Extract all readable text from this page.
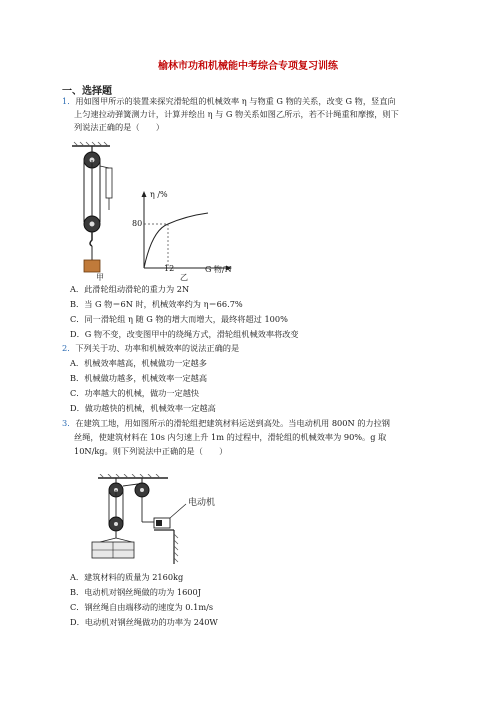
榆林市功和机械能中考综合专项复习训练
一、选择题
1．用如图甲所示的装置来探究滑轮组的机械效率 η 与物重 G 物的关系，改变 G 物，竖直向
上匀速拉动弹簧测力计，计算并绘出 η 与 G 物关系如图乙所示，若不计绳重和摩擦，则下
列说法正确的是（　　）
甲
η /%
80
12	G 物/N
乙
A．此滑轮组动滑轮的重力为 2N
B．当 G 物＝6N 时，机械效率约为 η＝66.7%
C．同一滑轮组 η 随 G 物的增大而增大，最终将超过 100%
D．G 物不变，改变图甲中的绕绳方式，滑轮组机械效率将改变
2．下列关于功、功率和机械效率的说法正确的是
A．机械效率越高，机械做功一定越多
B．机械做功越多，机械效率一定越高
C．功率越大的机械，做功一定越快
D．做功越快的机械，机械效率一定越高
3．在建筑工地，用如图所示的滑轮组把建筑材料运送到高处。当电动机用 800N 的力拉钢
丝绳，使建筑材料在 10s 内匀速上升 1m 的过程中，滑轮组的机械效率为 90%。g 取
10N/kg。则下列说法中正确的是（　　）
电动机
A．建筑材料的质量为 2160kg
B．电动机对钢丝绳做的功为 1600J
C．钢丝绳自由端移动的速度为 0.1m/s
D．电动机对钢丝绳做功的功率为 240W
